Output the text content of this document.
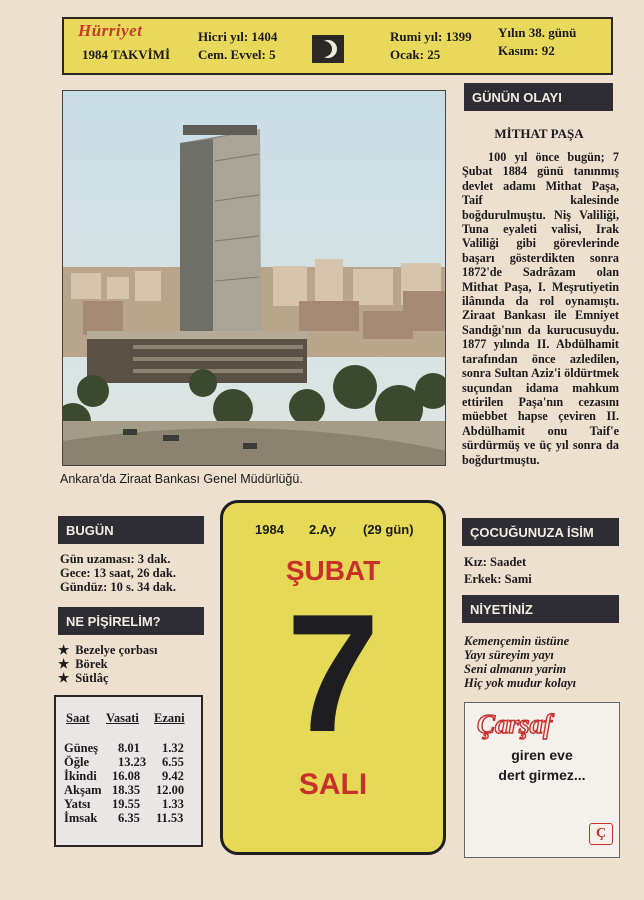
Hürriyet
1984 TAKVİMİ
Hicri yıl: 1404
Cem. Evvel: 5
Rumi yıl: 1399
Ocak: 25
Yılın 38. günü
Kasım: 92
Ankara'da Ziraat Bankası Genel Müdürlüğü.
GÜNÜN OLAYI
MİTHAT PAŞA
100 yıl önce bugün; 7 Şubat 1884 günü tanınmış devlet adamı Mithat Paşa, Taif kalesinde boğdurulmuştu. Niş Valiliği, Tuna eyaleti valisi, Irak Valiliği gibi görevlerinde başarı gösterdikten sonra 1872'de Sadrâzam olan Mithat Paşa, I. Meşrutiyetin ilânında da rol oynamıştı. Ziraat Bankası ile Emniyet Sandığı'nın da kurucusuydu. 1877 yılında II. Abdülhamit tarafından önce azledilen, sonra Sultan Aziz'i öldürtmek suçundan idama mahkum ettirilen Paşa'nın cezasını müebbet hapse çeviren II. Abdülhamit onu Taif'e sürdürmüş ve üç yıl sonra da boğdurtmuştu.
BUGÜN
Gün uzaması: 3 dak.
Gece: 13 saat, 26 dak.
Gündüz: 10 s. 34 dak.
NE PİŞİRELİM?
★ Bezelye çorbası
★ Börek
★ Sütlâç
Saat Vasati Ezani
Güneş 8.01 1.32
Öğle 13.23 6.55
İkindi 16.08 9.42
Akşam 18.35 12.00
Yatsı 19.55 1.33
İmsak 6.35 11.53
1984 2.Ay (29 gün)
ŞUBAT
7
SALI
ÇOCUĞUNUZA İSİM
Kız: Saadet
Erkek: Sami
NİYETİNİZ
Kemençemin üstüne
Yayı süreyim yayı
Seni almanın yarim
Hiç yok mudur kolayı
Çarşaf
giren eve
dert girmez...
Ç
